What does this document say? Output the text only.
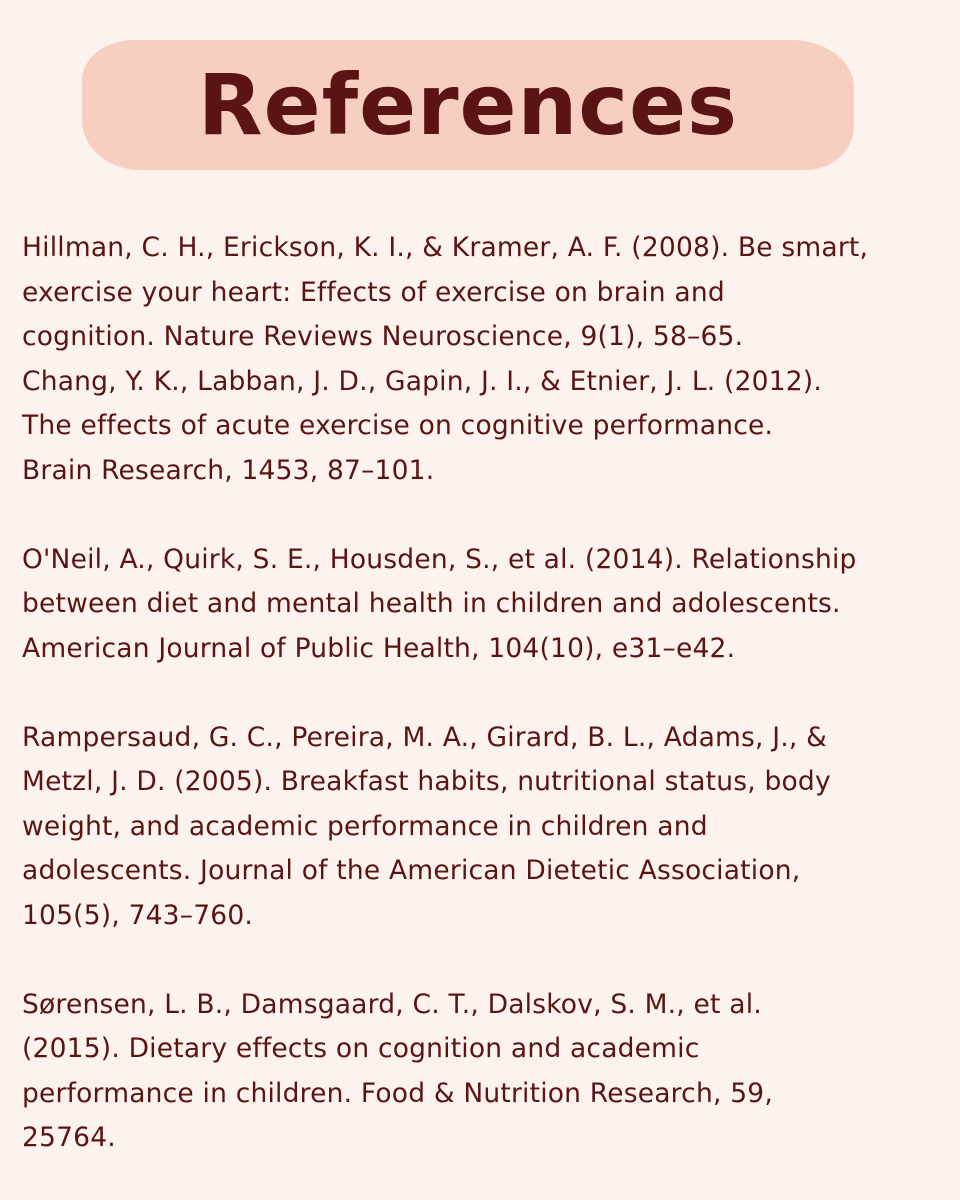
References
Hillman, C. H., Erickson, K. I., & Kramer, A. F. (2008). Be smart,
exercise your heart: Effects of exercise on brain and
cognition. Nature Reviews Neuroscience, 9(1), 58–65.
Chang, Y. K., Labban, J. D., Gapin, J. I., & Etnier, J. L. (2012).
The effects of acute exercise on cognitive performance.
Brain Research, 1453, 87–101.
O'Neil, A., Quirk, S. E., Housden, S., et al. (2014). Relationship
between diet and mental health in children and adolescents.
American Journal of Public Health, 104(10), e31–e42.
Rampersaud, G. C., Pereira, M. A., Girard, B. L., Adams, J., &
Metzl, J. D. (2005). Breakfast habits, nutritional status, body
weight, and academic performance in children and
adolescents. Journal of the American Dietetic Association,
105(5), 743–760.
Sørensen, L. B., Damsgaard, C. T., Dalskov, S. M., et al.
(2015). Dietary effects on cognition and academic
performance in children. Food & Nutrition Research, 59,
25764.
